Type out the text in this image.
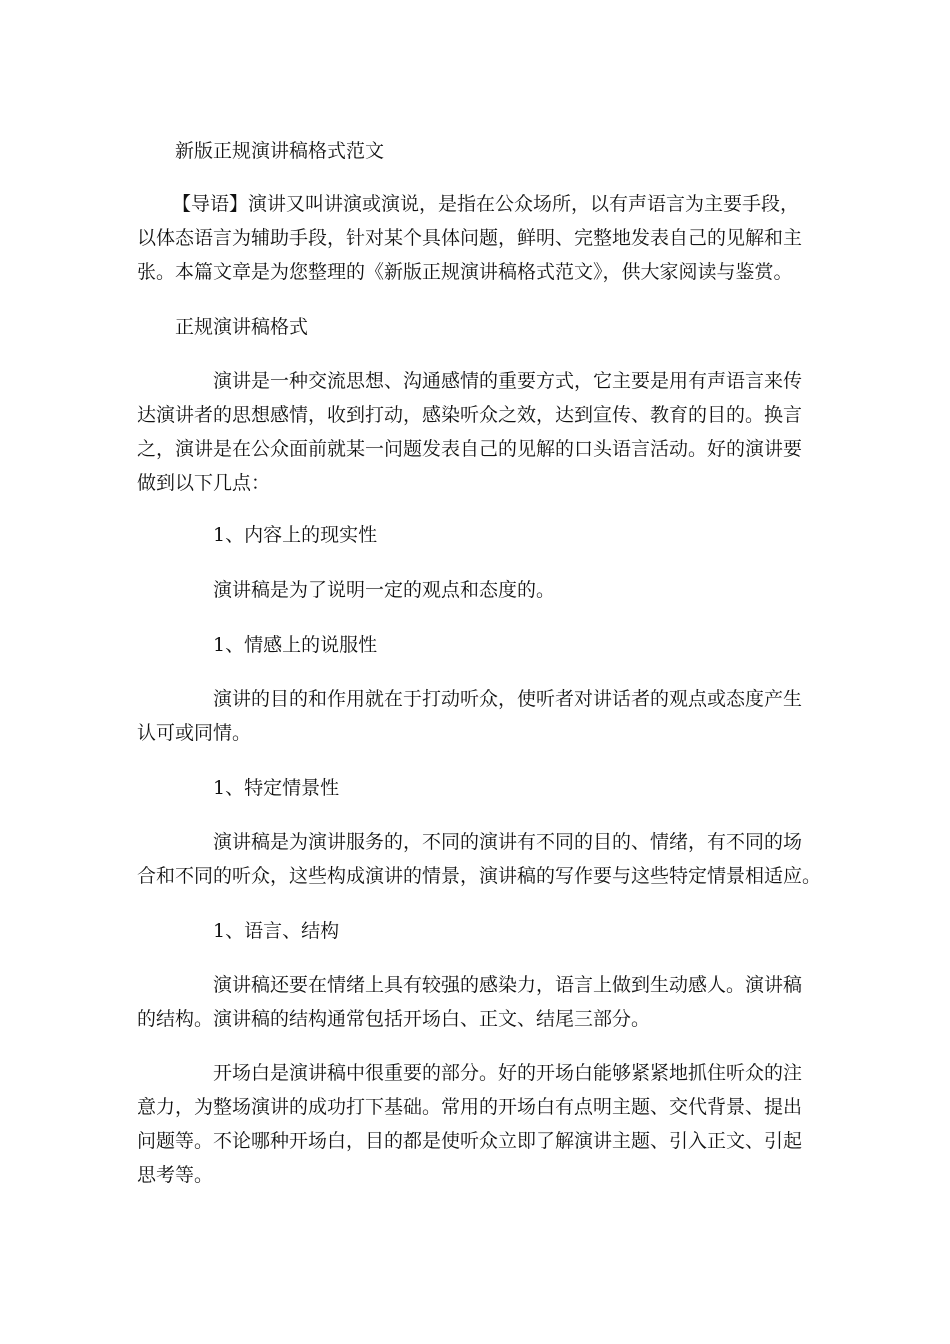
新版正规演讲稿格式范文
【导语】演讲又叫讲演或演说，是指在公众场所，以有声语言为主要手段，
以体态语言为辅助手段，针对某个具体问题，鲜明、完整地发表自己的见解和主
张。本篇文章是为您整理的《新版正规演讲稿格式范文》，供大家阅读与鉴赏。
正规演讲稿格式
演讲是一种交流思想、沟通感情的重要方式，它主要是用有声语言来传
达演讲者的思想感情，收到打动，感染听众之效，达到宣传、教育的目的。换言
之，演讲是在公众面前就某一问题发表自己的见解的口头语言活动。好的演讲要
做到以下几点：
1、内容上的现实性
演讲稿是为了说明一定的观点和态度的。
1、情感上的说服性
演讲的目的和作用就在于打动听众，使听者对讲话者的观点或态度产生
认可或同情。
1、特定情景性
演讲稿是为演讲服务的，不同的演讲有不同的目的、情绪，有不同的场
合和不同的听众，这些构成演讲的情景，演讲稿的写作要与这些特定情景相适应。
1、语言、结构
演讲稿还要在情绪上具有较强的感染力，语言上做到生动感人。演讲稿
的结构。演讲稿的结构通常包括开场白、正文、结尾三部分。
开场白是演讲稿中很重要的部分。好的开场白能够紧紧地抓住听众的注
意力，为整场演讲的成功打下基础。常用的开场白有点明主题、交代背景、提出
问题等。不论哪种开场白，目的都是使听众立即了解演讲主题、引入正文、引起
思考等。
